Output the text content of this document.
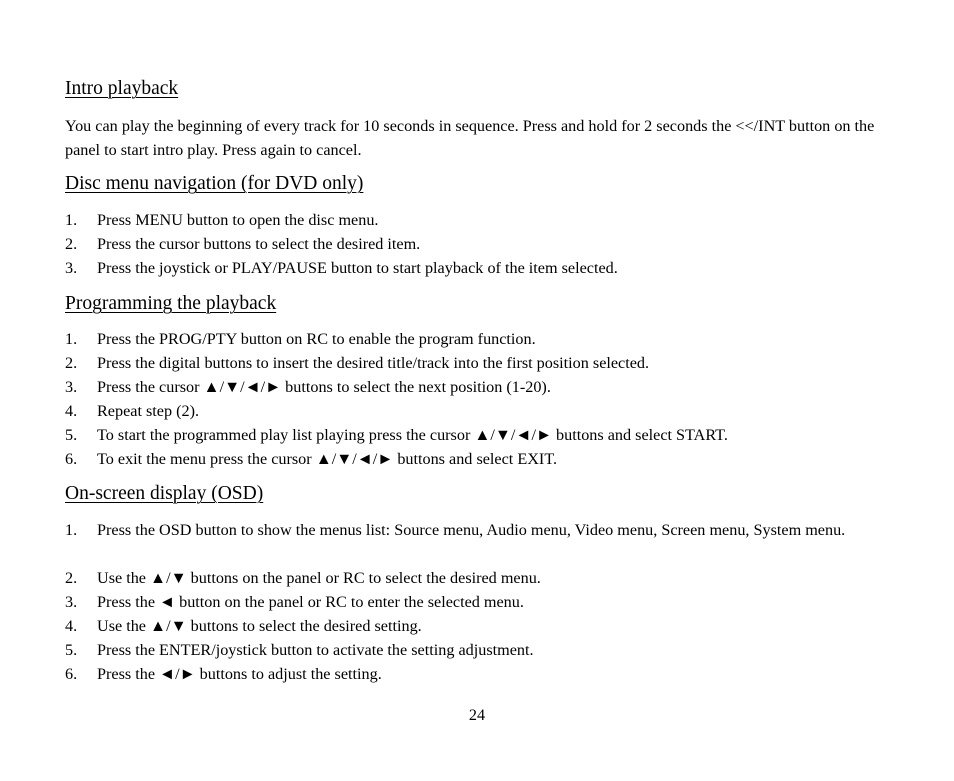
Intro playback
You can play the beginning of every track for 10 seconds in sequence. Press and hold for 2 seconds the <</INT button on the panel to start intro play. Press again to cancel.
Disc menu navigation (for DVD only)
1. Press MENU button to open the disc menu.
2. Press the cursor buttons to select the desired item.
3. Press the joystick or PLAY/PAUSE button to start playback of the item selected.
Programming the playback
1. Press the PROG/PTY button on RC to enable the program function.
2. Press the digital buttons to insert the desired title/track into the first position selected.
3. Press the cursor ▲/▼/◄/► buttons to select the next position (1-20).
4. Repeat step (2).
5. To start the programmed play list playing press the cursor ▲/▼/◄/► buttons and select START.
6. To exit the menu press the cursor ▲/▼/◄/► buttons and select EXIT.
On-screen display (OSD)
1. Press the OSD button to show the menus list: Source menu, Audio menu, Video menu, Screen menu, System menu.
2. Use the ▲/▼ buttons on the panel or RC to select the desired menu.
3. Press the ◄ button on the panel or RC to enter the selected menu.
4. Use the ▲/▼ buttons to select the desired setting.
5. Press the ENTER/joystick button to activate the setting adjustment.
6. Press the ◄/► buttons to adjust the setting.
24
